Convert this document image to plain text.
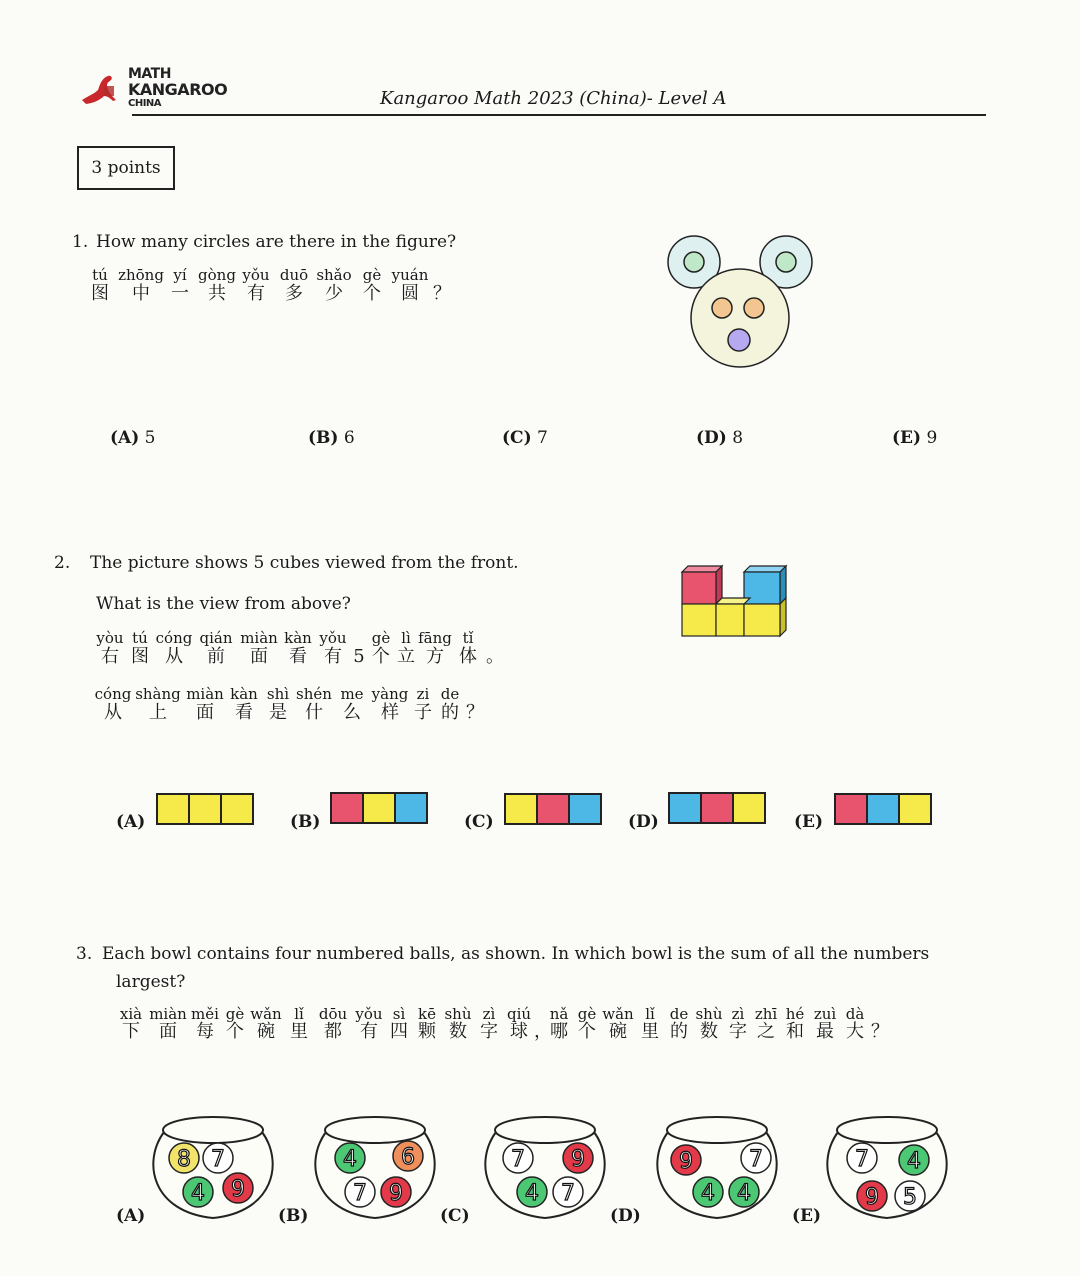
MATH
KANGAROO
CHINA	Kangaroo Math 2023 (China)- Level A
3 points
1. How many circles are there in the figure?
tú zhōng yí gòng yǒu duō shǎo gè yuán
图	中	一	共	有	多	少	个	圆 ？
(A) 5	(B) 6	(C) 7	(D) 8	(E) 9
2. The picture shows 5 cubes viewed from the front.
What is the view from above?
yòu tú cóng qián miàn kàn yǒu gè lì fāng tǐ
右 图 从	前	面	看 有 5 个 立 方 体 。
cóng shàng miàn kàn shì shén me yàng zi de
从	上	面	看 是	什	么	样 子 的 ？
(A)	(B)	(C)	(D)	(E)
3. Each bowl contains four numbered balls, as shown. In which bowl is the sum of all the numbers
largest?
xià miàn měi gè wǎn lǐ	dōu yǒu sì kē shù zì qiú	nǎ gè wǎn lǐ de shù zì zhī hé zuì dà
下	面	每 个 碗 里 都	有 四 颗 数 字 球 ，
哪 个 碗 里 的 数 字 之 和 最 大 ？
(A)
8 7
4 9
(B)
4 6
7 9
(C)
7 9
4 7
(D)
9	7
4 4
(E)
7 4
9 5
